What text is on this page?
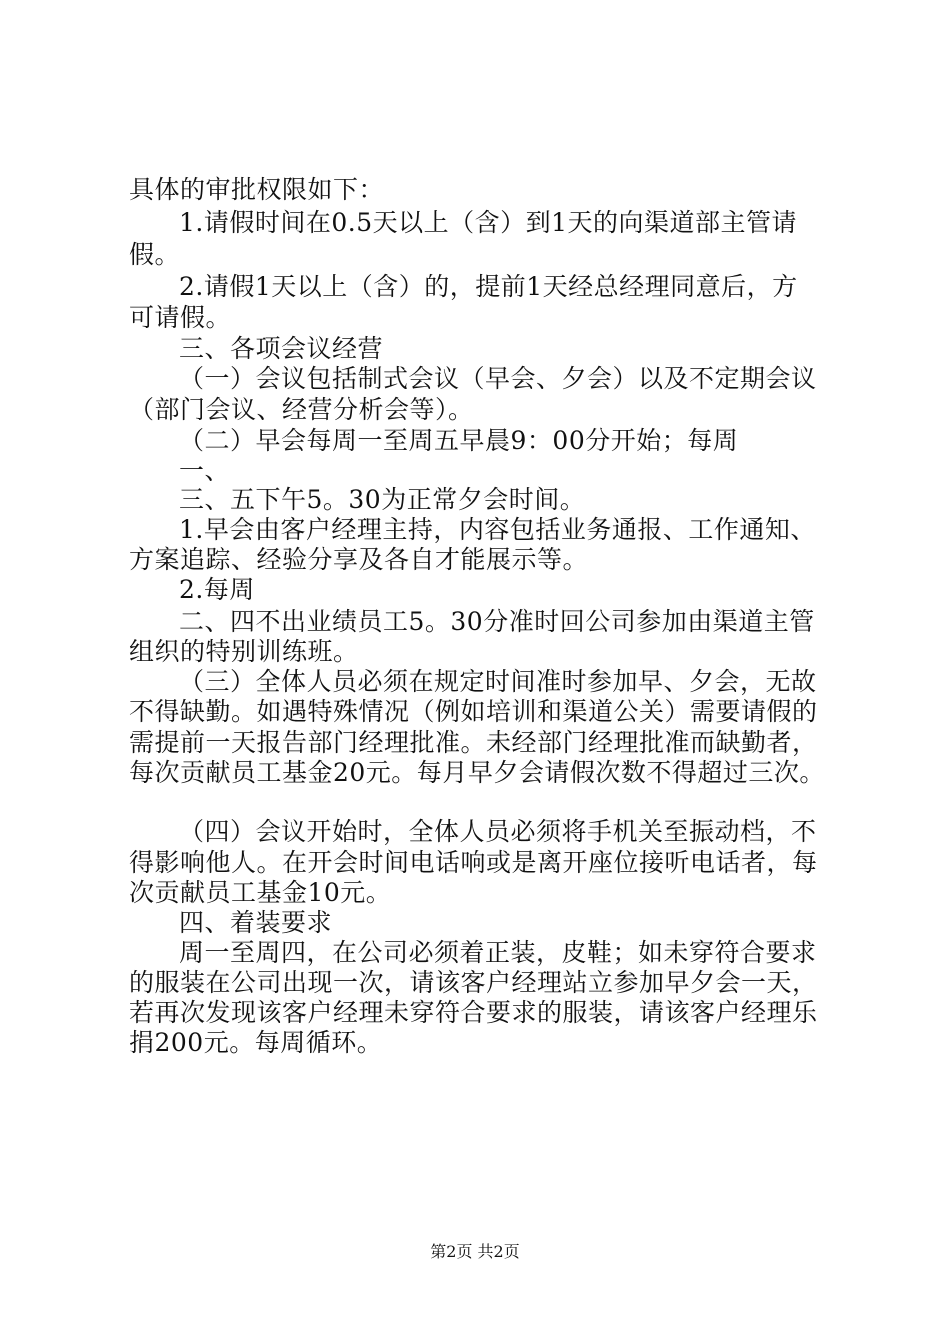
具体的审批权限如下：
1.请假时间在0.5天以上（含）到1天的向渠道部主管请
假。
2.请假1天以上（含）的，提前1天经总经理同意后，方
可请假。
三、各项会议经营
（一）会议包括制式会议（早会、夕会）以及不定期会议
（部门会议、经营分析会等）。
（二）早会每周一至周五早晨9：00分开始；每周
一、
三、五下午5。30为正常夕会时间。
1.早会由客户经理主持，内容包括业务通报、工作通知、
方案追踪、经验分享及各自才能展示等。
2.每周
二、四不出业绩员工5。30分准时回公司参加由渠道主管
组织的特别训练班。
（三）全体人员必须在规定时间准时参加早、夕会，无故
不得缺勤。如遇特殊情况（例如培训和渠道公关）需要请假的
需提前一天报告部门经理批准。未经部门经理批准而缺勤者，
每次贡献员工基金20元。每月早夕会请假次数不得超过三次。
（四）会议开始时，全体人员必须将手机关至振动档，不
得影响他人。在开会时间电话响或是离开座位接听电话者，每
次贡献员工基金10元。
四、着装要求
周一至周四，在公司必须着正装，皮鞋；如未穿符合要求
的服装在公司出现一次，请该客户经理站立参加早夕会一天，
若再次发现该客户经理未穿符合要求的服装，请该客户经理乐
捐200元。每周循环。
第2页 共2页
